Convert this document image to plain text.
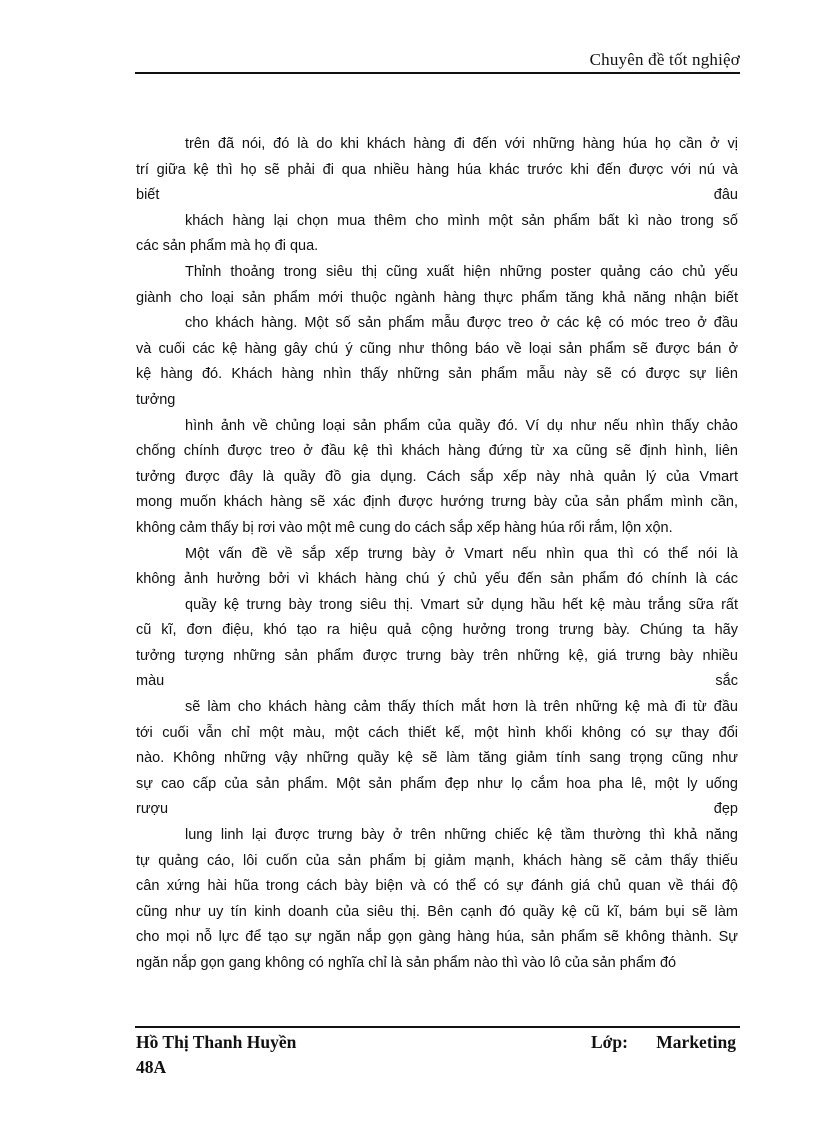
Chuyên đề tốt nghiệơ
trên đã nói, đó là do khi khách hàng đi đến với những hàng húa họ cần ở vị
trí giữa kệ thì họ sẽ phải đi qua nhiều hàng húa khác trước khi đến được với nú và
biết	đâu
khách hàng lại chọn mua thêm cho mình một sản phẩm bất kì nào trong số
các sản phẩm mà họ đi qua.
Thỉnh thoảng trong siêu thị cũng xuất hiện những poster quảng cáo chủ yếu
giành cho loại sản phẩm mới thuộc ngành hàng thực phẩm tăng khả năng nhận biết
cho khách hàng. Một số sản phẩm mẫu được treo ở các kệ có móc treo ở đầu
và cuối các kệ hàng gây chú ý cũng như thông báo về loại sản phẩm sẽ được bán ở
kệ hàng đó. Khách hàng nhìn thấy những sản phẩm mẫu này sẽ có được sự liên
tưởng
hình ảnh về chủng loại sản phẩm của quầy đó. Ví dụ như nếu nhìn thấy chảo
chống chính được treo ở đầu kệ thì khách hàng đứng từ xa cũng sẽ định hình, liên
tưởng được đây là quầy đồ gia dụng. Cách sắp xếp này nhà quản lý của Vmart
mong muốn khách hàng sẽ xác định được hướng trưng bày của sản phẩm mình cần,
không cảm thấy bị rơi vào một mê cung do cách sắp xếp hàng húa rối rắm, lộn xộn.
Một vấn đề về sắp xếp trưng bày ở Vmart nếu nhìn qua thì có thể nói là
không ảnh hưởng bởi vì khách hàng chú ý chủ yếu đến sản phẩm đó chính là các
quầy kệ trưng bày trong siêu thị. Vmart sử dụng hầu hết kệ màu trắng sữa rất
cũ kĩ, đơn điệu, khó tạo ra hiệu quả cộng hưởng trong trưng bày. Chúng ta hãy
tưởng tượng những sản phẩm được trưng bày trên những kệ, giá trưng bày nhiều
màu	sắc
sẽ làm cho khách hàng cảm thấy thích mắt hơn là trên những kệ mà đi từ đầu
tới cuối vẫn chỉ một màu, một cách thiết kế, một hình khối không có sự thay đổi
nào. Không những vậy những quầy kệ sẽ làm tăng giảm tính sang trọng cũng như
sự cao cấp của sản phẩm. Một sản phẩm đẹp như lọ cắm hoa pha lê, một ly uống
rượu	đẹp
lung linh lại được trưng bày ở trên những chiếc kệ tầm thường thì khả năng
tự quảng cáo, lôi cuốn của sản phẩm bị giảm mạnh, khách hàng sẽ cảm thấy thiếu
cân xứng hài hũa trong cách bày biện và có thể có sự đánh giá chủ quan về thái độ
cũng như uy tín kinh doanh của siêu thị. Bên cạnh đó quầy kệ cũ kĩ, bám bụi sẽ làm
cho mọi nỗ lực để tạo sự ngăn nắp gọn gàng hàng húa, sản phẩm sẽ không thành. Sự
ngăn nắp gọn gang không có nghĩa chỉ là sản phẩm nào thì vào lô của sản phẩm đó
Hồ Thị Thanh Huyền	Lớp: Marketing
48A
